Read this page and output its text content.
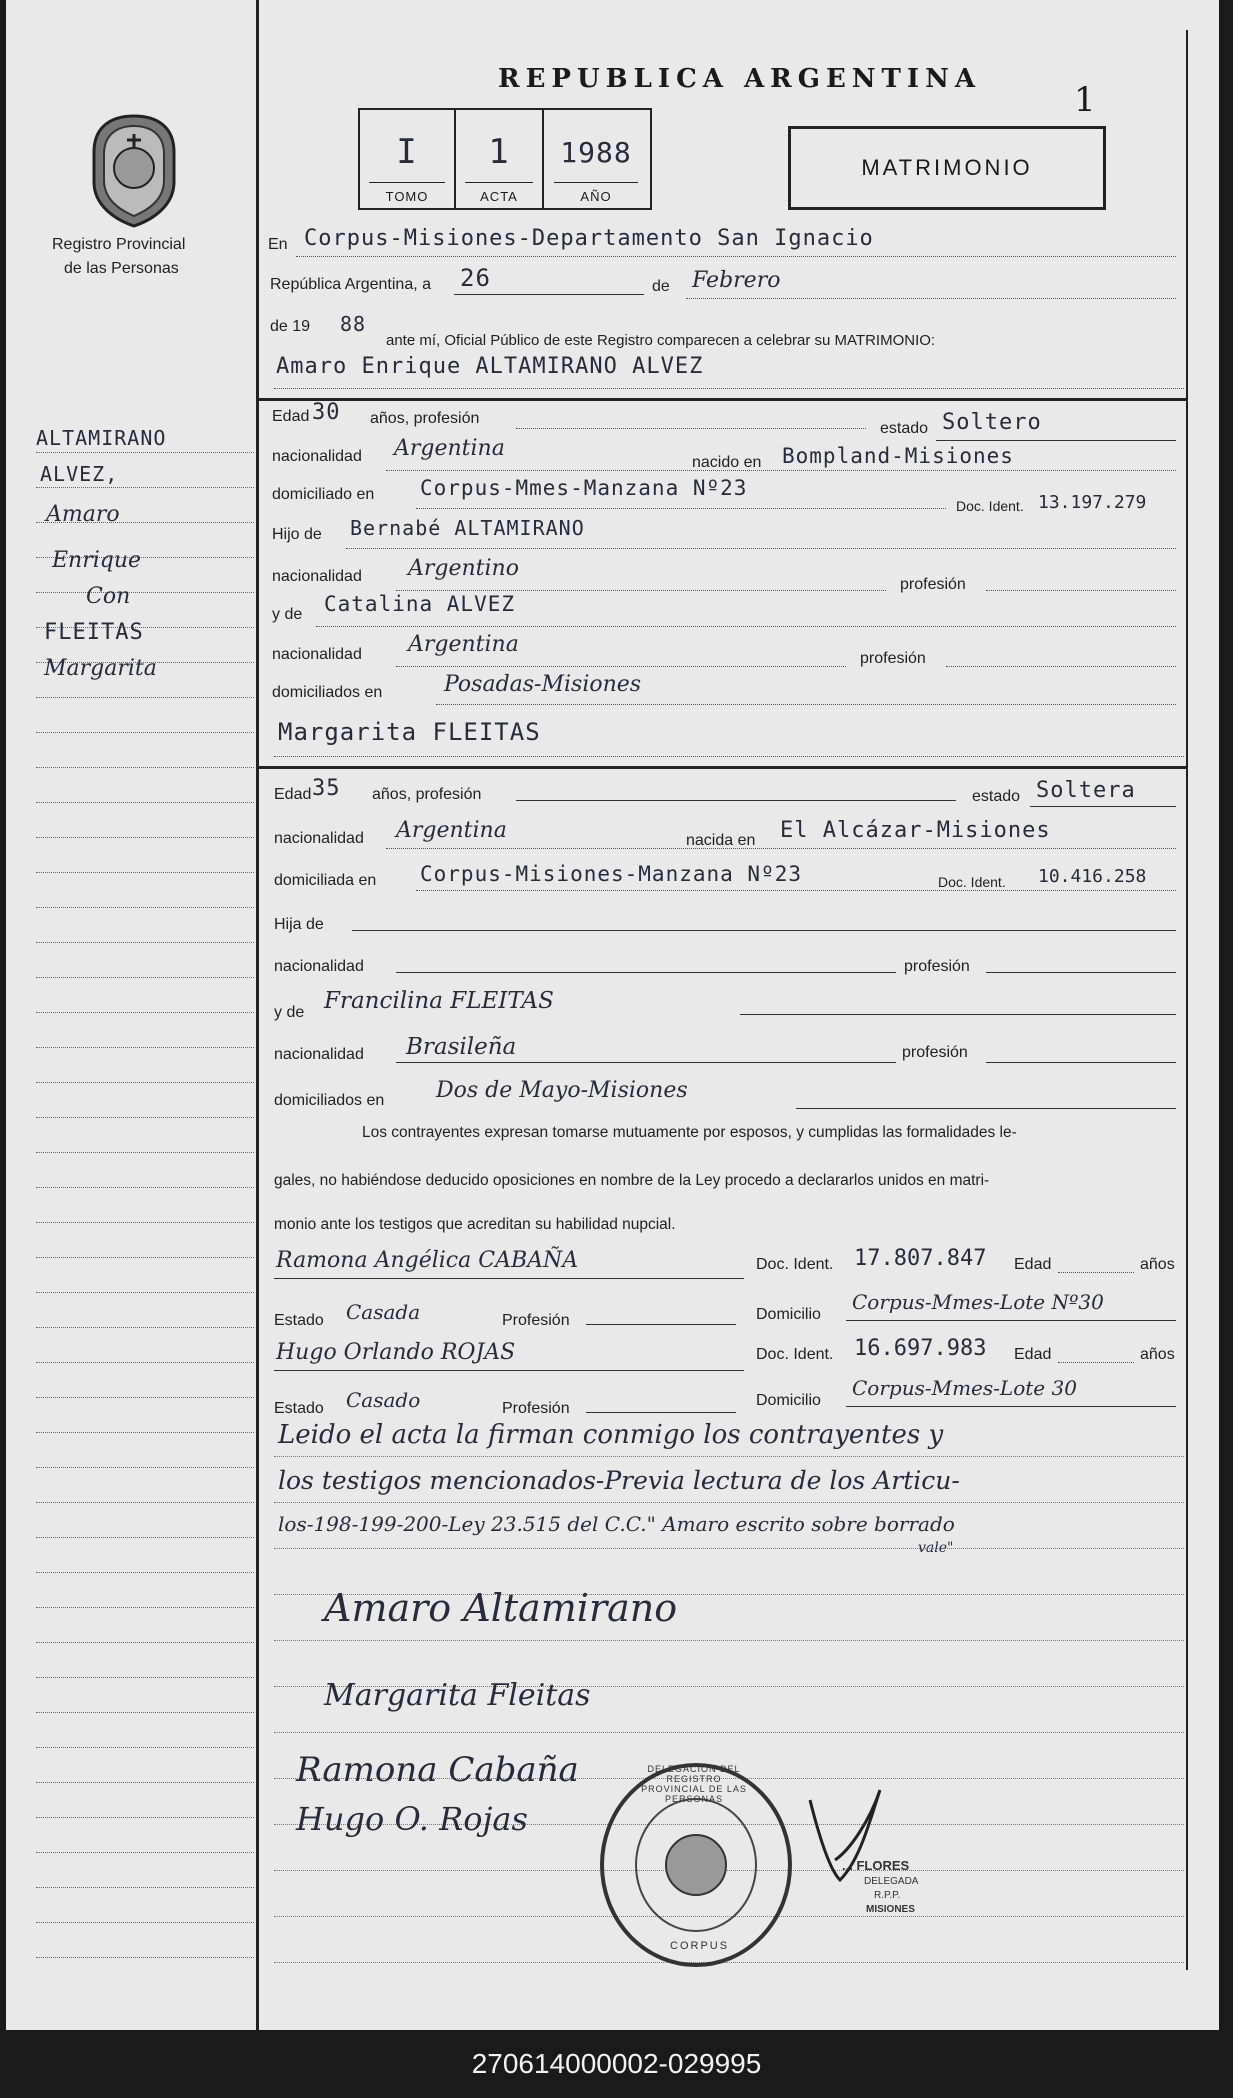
Registro Provincial
de las Personas
REPUBLICA ARGENTINA
1
I
TOMO
1
ACTA
1988
AÑO
MATRIMONIO
ALTAMIRANO
ALVEZ,
Amaro
Enrique
Con
FLEITAS
Margarita
En Corpus-Misiones-Departamento San Ignacio
República Argentina, a 26	de Febrero
de 19 88
ante mí, Oficial Público de este Registro comparecen a celebrar su MATRIMONIO:
Amaro Enrique ALTAMIRANO ALVEZ
Edad 30 años, profesión
estado Soltero
nacionalidad Argentina
nacido en Bompland-Misiones
domiciliado en Corpus-Mmes-Manzana Nº23
Doc. Ident. 13.197.279
Hijo de Bernabé ALTAMIRANO
nacionalidad Argentino
profesión
y de Catalina ALVEZ
nacionalidad Argentina
profesión
domiciliados en	Posadas-Misiones
Margarita FLEITAS
Edad 35 años, profesión	estado Soltera
nacionalidad Argentina	nacida en El Alcázar-Misiones
domiciliada en Corpus-Misiones-Manzana Nº23	Doc. Ident. 10.416.258
Hija de
nacionalidad	profesión
y de Francilina FLEITAS
nacionalidad Brasileña	profesión
domiciliados en Dos de Mayo-Misiones
Los contrayentes expresan tomarse mutuamente por esposos, y cumplidas las formalidades le-
gales, no habiéndose deducido oposiciones en nombre de la Ley procedo a declararlos unidos en matri-
monio ante los testigos que acreditan su habilidad nupcial.
Ramona Angélica CABAÑA	Doc. Ident. 17.807.847 Edad	años
Estado Casada	Profesión	Domicilio
Corpus-Mmes-Lote Nº30
Hugo Orlando ROJAS	Doc. Ident. 16.697.983 Edad	años
Estado Casado	Profesión	Domicilio
Corpus-Mmes-Lote 30
Leido el acta la firman conmigo los contrayentes y
los testigos mencionados-Previa lectura de los Articu-
los-198-199-200-Ley 23.515 del C.C." Amaro escrito sobre borrado
vale"
Amaro Altamirano
Margarita Fleitas
Ramona Cabaña
Hugo O. Rojas
DELEGACION DEL REGISTRO PROVINCIAL DE LAS PERSONAS
CORPUS
... FLORES
DELEGADA
R.P.P.
MISIONES
270614000002-029995
